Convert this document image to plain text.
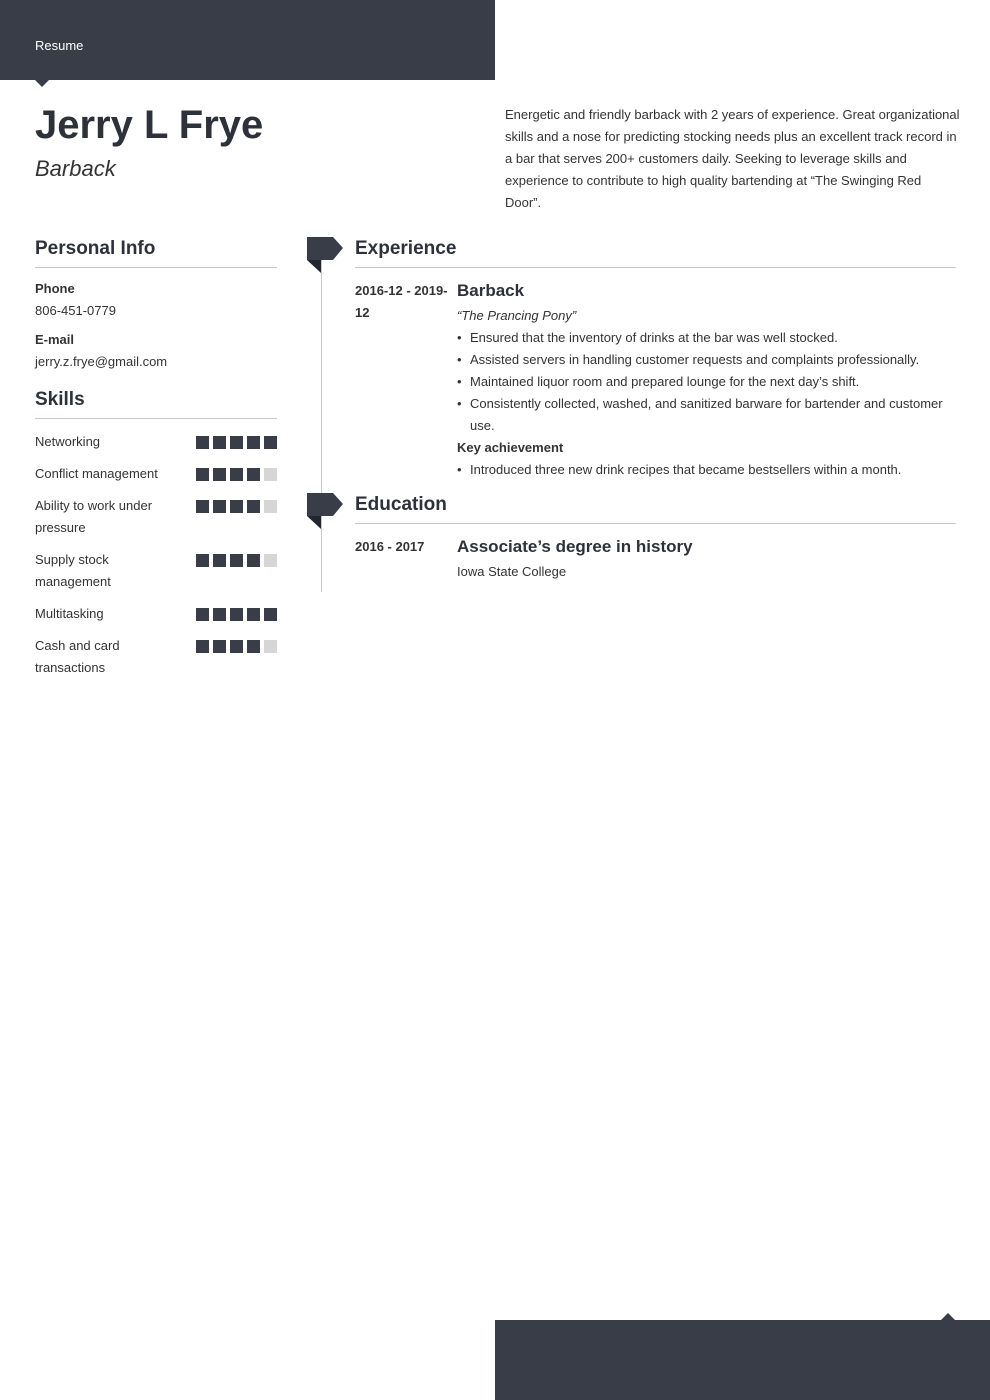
Resume
Jerry L Frye
Barback

Energetic and friendly barback with 2 years of experience. Great organizational skills and a nose for predicting stocking needs plus an excellent track record in a bar that serves 200+ customers daily. Seeking to leverage skills and experience to contribute to high quality bartending at “The Swinging Red Door”.

Personal Info
Phone
806-451-0779
E-mail
jerry.z.frye@gmail.com
Skills
Networking
Conflict management
Ability to work under pressure
Supply stock management
Multitasking
Cash and card transactions
Experience
2016-12 - 2019-12
Barback
“The Prancing Pony”
• Ensured that the inventory of drinks at the bar was well stocked.
• Assisted servers in handling customer requests and complaints professionally.
• Maintained liquor room and prepared lounge for the next day’s shift.
• Consistently collected, washed, and sanitized barware for bartender and customer use.
Key achievement
• Introduced three new drink recipes that became bestsellers within a month.
Education
2016 - 2017	Associate’s degree in history
Iowa State College
